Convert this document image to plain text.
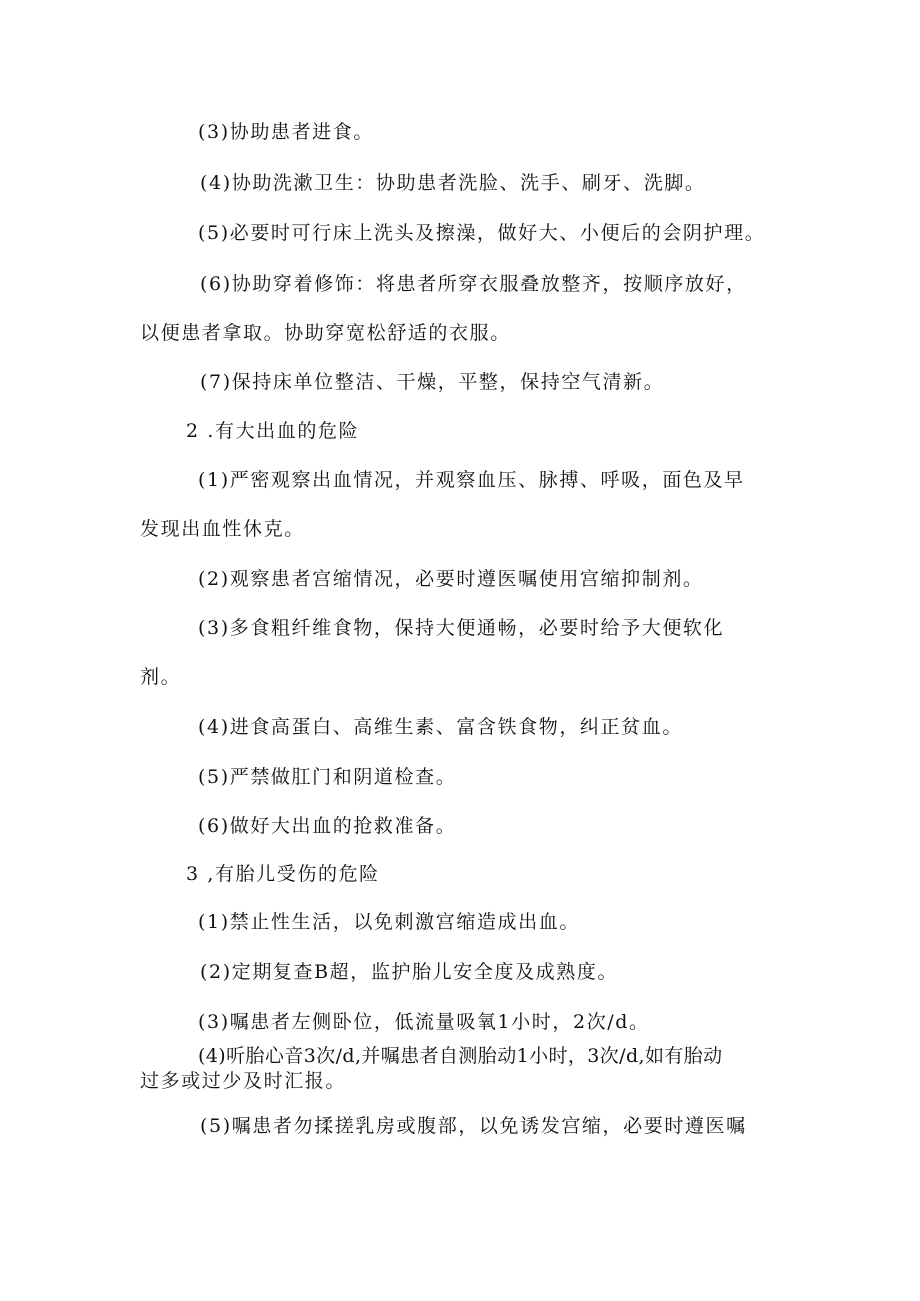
(3)协助患者进食。
(4)协助洗漱卫生：协助患者洗脸、洗手、刷牙、洗脚。
(5)必要时可行床上洗头及擦澡，做好大、小便后的会阴护理。
(6)协助穿着修饰：将患者所穿衣服叠放整齐，按顺序放好，
以便患者拿取。协助穿宽松舒适的衣服。
(7)保持床单位整洁、干燥，平整，保持空气清新。
2 .有大出血的危险
(1)严密观察出血情况，并观察血压、脉搏、呼吸，面色及早
发现出血性休克。
(2)观察患者宫缩情况，必要时遵医嘱使用宫缩抑制剂。
(3)多食粗纤维食物，保持大便通畅，必要时给予大便软化
剂。
(4)进食高蛋白、高维生素、富含铁食物，纠正贫血。
(5)严禁做肛门和阴道检查。
(6)做好大出血的抢救准备。
3 ,有胎儿受伤的危险
(1)禁止性生活，以免刺激宫缩造成出血。
(2)定期复查B超，监护胎儿安全度及成熟度。
(3)嘱患者左侧卧位，低流量吸氧1小时，2次/d。
(4)听胎心音3次/d,并嘱患者自测胎动1小时，3次/d,如有胎动
过多或过少及时汇报。
(5)嘱患者勿揉搓乳房或腹部，以免诱发宫缩，必要时遵医嘱
